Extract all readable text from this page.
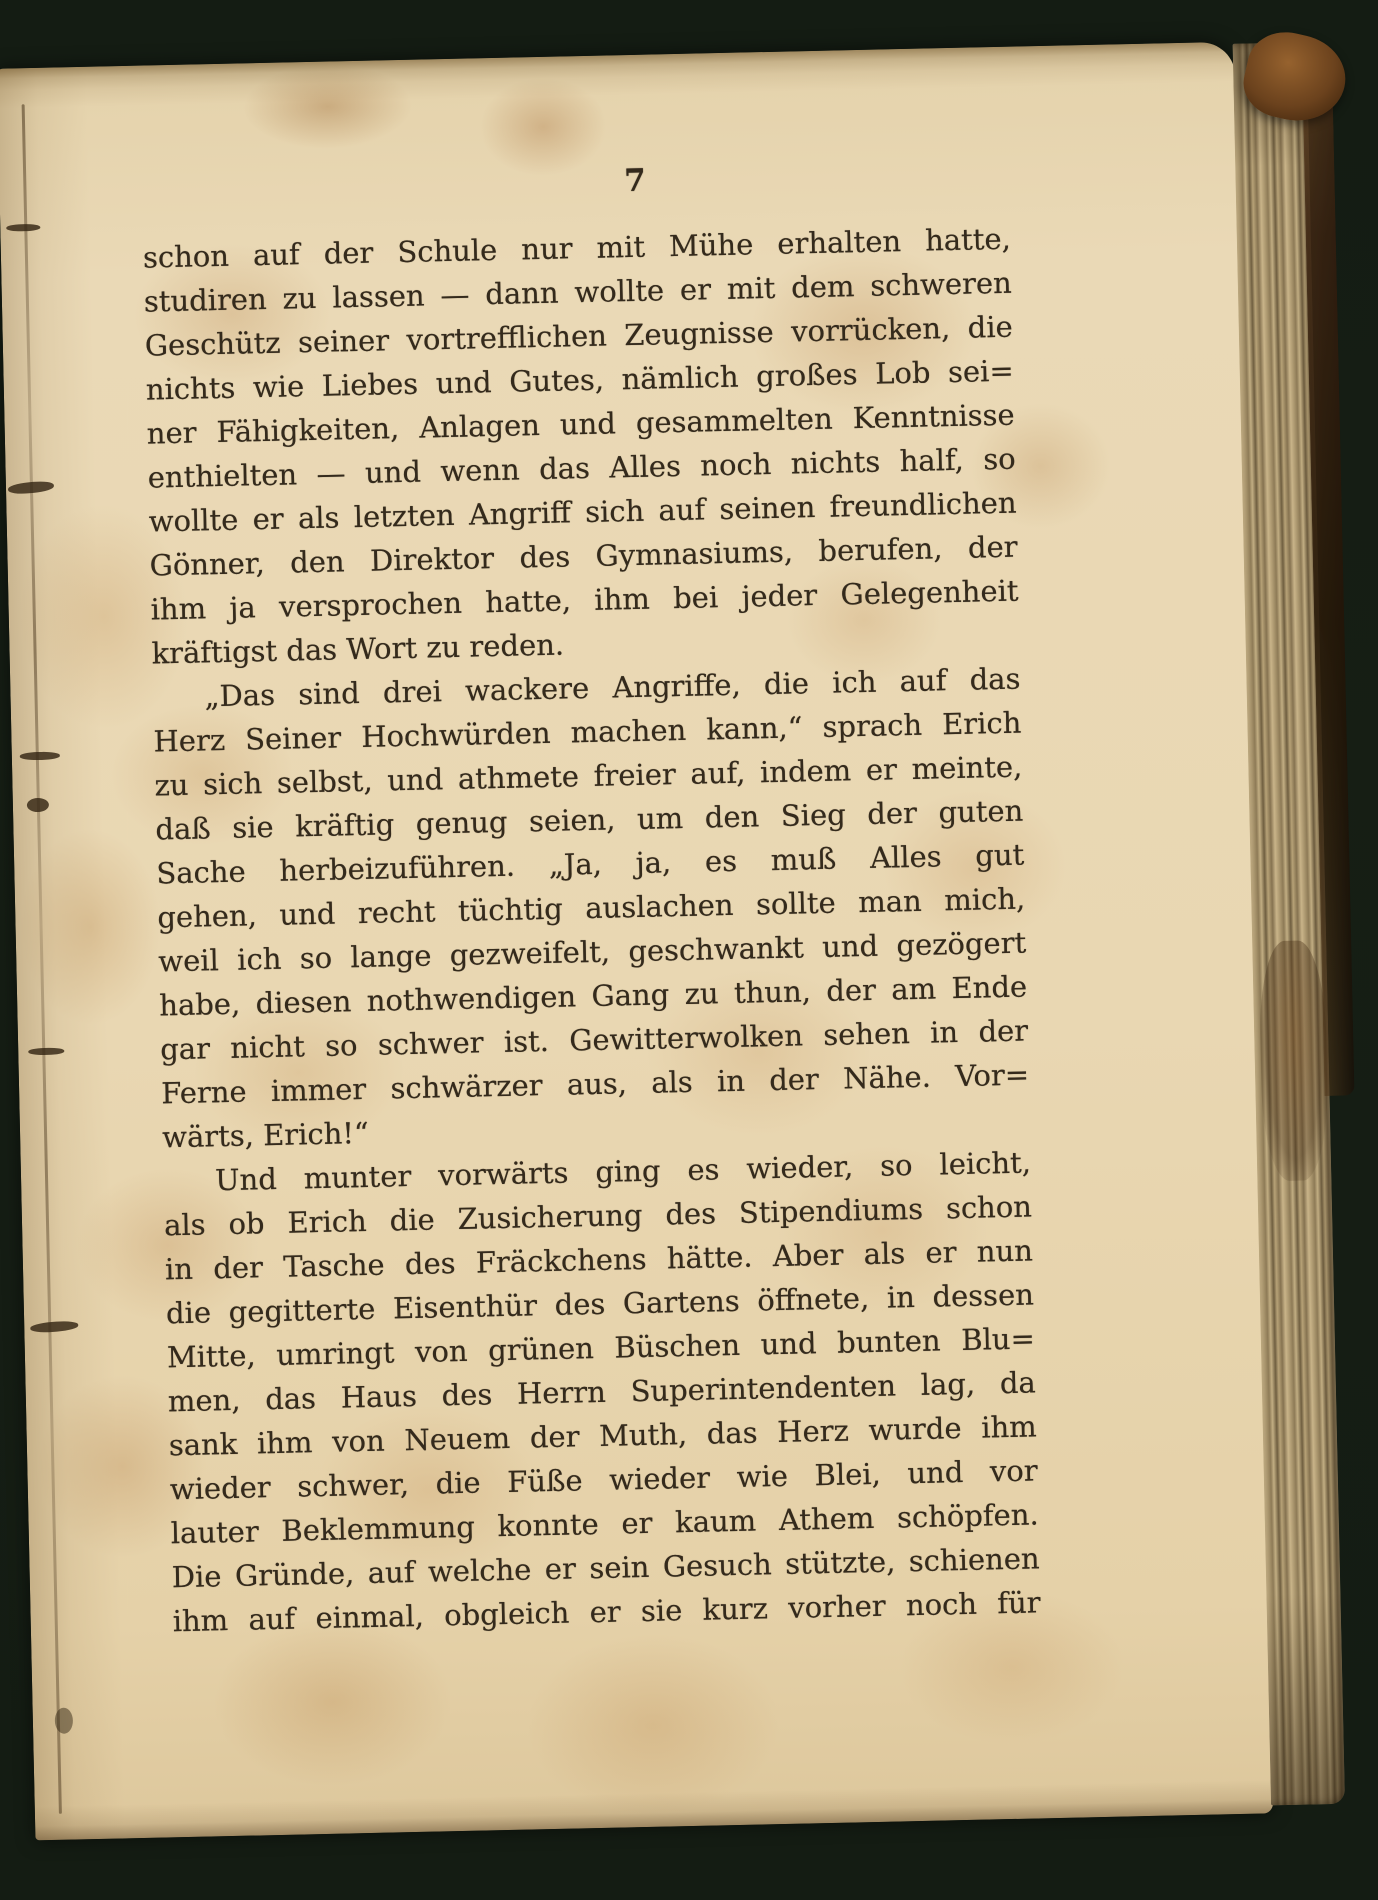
7
schon auf der Schule nur mit Mühe erhalten hatte,
studiren zu lassen — dann wollte er mit dem schweren
Geschütz seiner vortrefflichen Zeugnisse vorrücken, die
nichts wie Liebes und Gutes, nämlich großes Lob sei=
ner Fähigkeiten, Anlagen und gesammelten Kenntnisse
enthielten — und wenn das Alles noch nichts half, so
wollte er als letzten Angriff sich auf seinen freundlichen
Gönner, den Direktor des Gymnasiums, berufen, der
ihm ja versprochen hatte, ihm bei jeder Gelegenheit
kräftigst das Wort zu reden.
„Das sind drei wackere Angriffe, die ich auf das
Herz Seiner Hochwürden machen kann,“ sprach Erich
zu sich selbst, und athmete freier auf, indem er meinte,
daß sie kräftig genug seien, um den Sieg der guten
Sache herbeizuführen. „Ja, ja, es muß Alles gut
gehen, und recht tüchtig auslachen sollte man mich,
weil ich so lange gezweifelt, geschwankt und gezögert
habe, diesen nothwendigen Gang zu thun, der am Ende
gar nicht so schwer ist. Gewitterwolken sehen in der
Ferne immer schwärzer aus, als in der Nähe. Vor=
wärts, Erich!“
Und munter vorwärts ging es wieder, so leicht,
als ob Erich die Zusicherung des Stipendiums schon
in der Tasche des Fräckchens hätte. Aber als er nun
die gegitterte Eisenthür des Gartens öffnete, in dessen
Mitte, umringt von grünen Büschen und bunten Blu=
men, das Haus des Herrn Superintendenten lag, da
sank ihm von Neuem der Muth, das Herz wurde ihm
wieder schwer, die Füße wieder wie Blei, und vor
lauter Beklemmung konnte er kaum Athem schöpfen.
Die Gründe, auf welche er sein Gesuch stützte, schienen
ihm auf einmal, obgleich er sie kurz vorher noch für
